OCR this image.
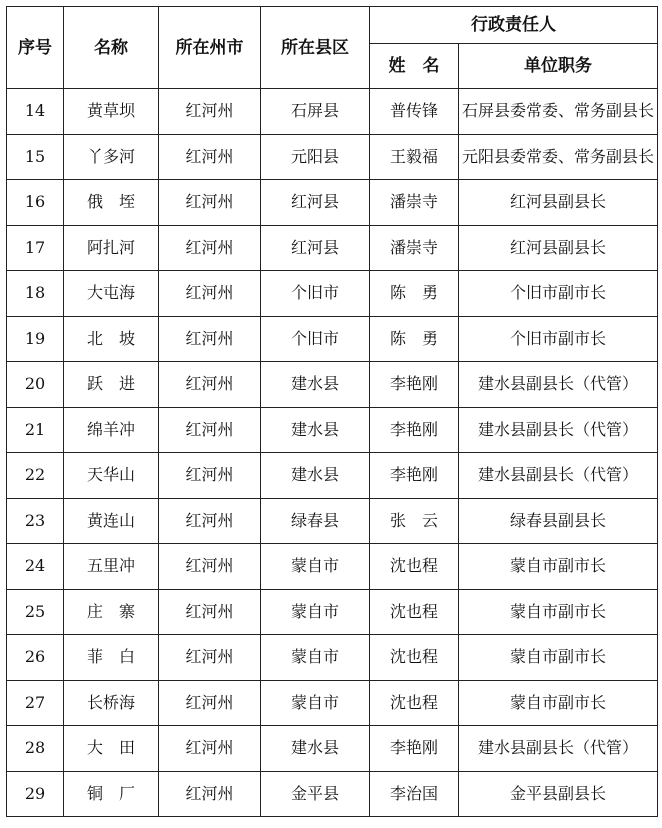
序号	名称	所在州市	所在县区	行政责任人	
				姓　名	单位职务
14	黄草坝	红河州	石屏县	普传锋	石屏县委常委、常务副县长
15	丫多河	红河州	元阳县	王毅福	元阳县委常委、常务副县长
16	俄　垤	红河州	红河县	潘崇寺	红河县副县长
17	阿扎河	红河州	红河县	潘崇寺	红河县副县长
18	大屯海	红河州	个旧市	陈　勇	个旧市副市长
19	北　坡	红河州	个旧市	陈　勇	个旧市副市长
20	跃　进	红河州	建水县	李艳刚	建水县副县长（代管）
21	绵羊冲	红河州	建水县	李艳刚	建水县副县长（代管）
22	天华山	红河州	建水县	李艳刚	建水县副县长（代管）
23	黄连山	红河州	绿春县	张　云	绿春县副县长
24	五里冲	红河州	蒙自市	沈也程	蒙自市副市长
25	庄　寨	红河州	蒙自市	沈也程	蒙自市副市长
26	菲　白	红河州	蒙自市	沈也程	蒙自市副市长
27	长桥海	红河州	蒙自市	沈也程	蒙自市副市长
28	大　田	红河州	建水县	李艳刚	建水县副县长（代管）
29	铜　厂	红河州	金平县	李治国	金平县副县长
